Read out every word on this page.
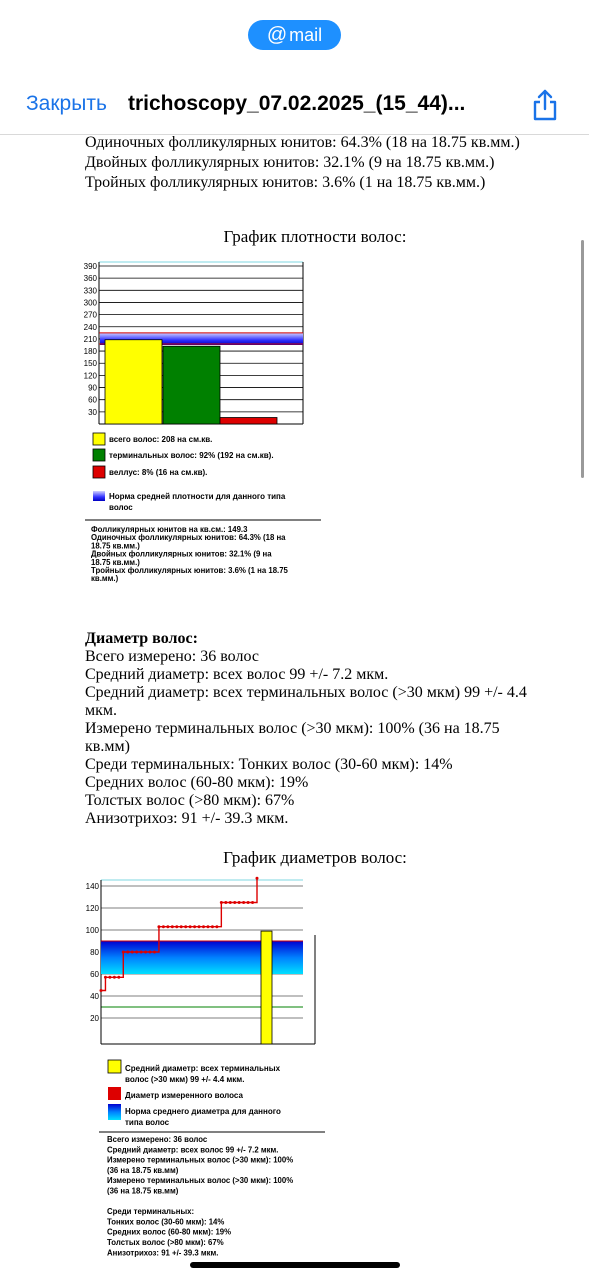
@ mail
Закрыть trichoscopy_07.02.2025_(15_44)...

Одиночных фолликулярных юнитов: 64.3% (18 на 18.75 кв.мм.)

Двойных фолликулярных юнитов: 32.1% (9 на 18.75 кв.мм.)

Тройных фолликулярных юнитов: 3.6% (1 на 18.75 кв.мм.)

График плотности волос:
390
360
330
300
270
240
210
180
150
120
90
60
30
всего волос: 208 на см.кв.
терминальных волос: 92% (192 на см.кв).
веллус: 8% (16 на см.кв).
Норма средней плотности для данного типа
волос
Фолликулярных юнитов на кв.см.: 149.3
Одиночных фолликулярных юнитов: 64.3% (18 на
18.75 кв.мм.)
Двойных фолликулярных юнитов: 32.1% (9 на
18.75 кв.мм.)
Тройных фолликулярных юнитов: 3.6% (1 на 18.75
кв.мм.)

Диаметр волос:

Всего измерено: 36 волос

Средний диаметр: всех волос 99 +/- 7.2 мкм.

Средний диаметр: всех терминальных волос (>30 мкм) 99 +/- 4.4 мкм.

Измерено терминальных волос (>30 мкм): 100% (36 на 18.75 кв.мм)

Среди терминальных: Тонких волос (30-60 мкм): 14%

Средних волос (60-80 мкм): 19%

Толстых волос (>80 мкм): 67%

Анизотрихоз: 91 +/- 39.3 мкм.

График диаметров волос:
140
120
100
80
60
40
20
Средний диаметр: всех терминальных
волос (>30 мкм) 99 +/- 4.4 мкм.
Диаметр измеренного волоса
Норма среднего диаметра для данного
типа волос
Всего измерено: 36 волос
Средний диаметр: всех волос 99 +/- 7.2 мкм.
Измерено терминальных волос (>30 мкм): 100%
(36 на 18.75 кв.мм)
Измерено терминальных волос (>30 мкм): 100%
(36 на 18.75 кв.мм)
Среди терминальных:
Тонких волос (30-60 мкм): 14%
Средних волос (60-80 мкм): 19%
Толстых волос (>80 мкм): 67%
Анизотрихоз: 91 +/- 39.3 мкм.
